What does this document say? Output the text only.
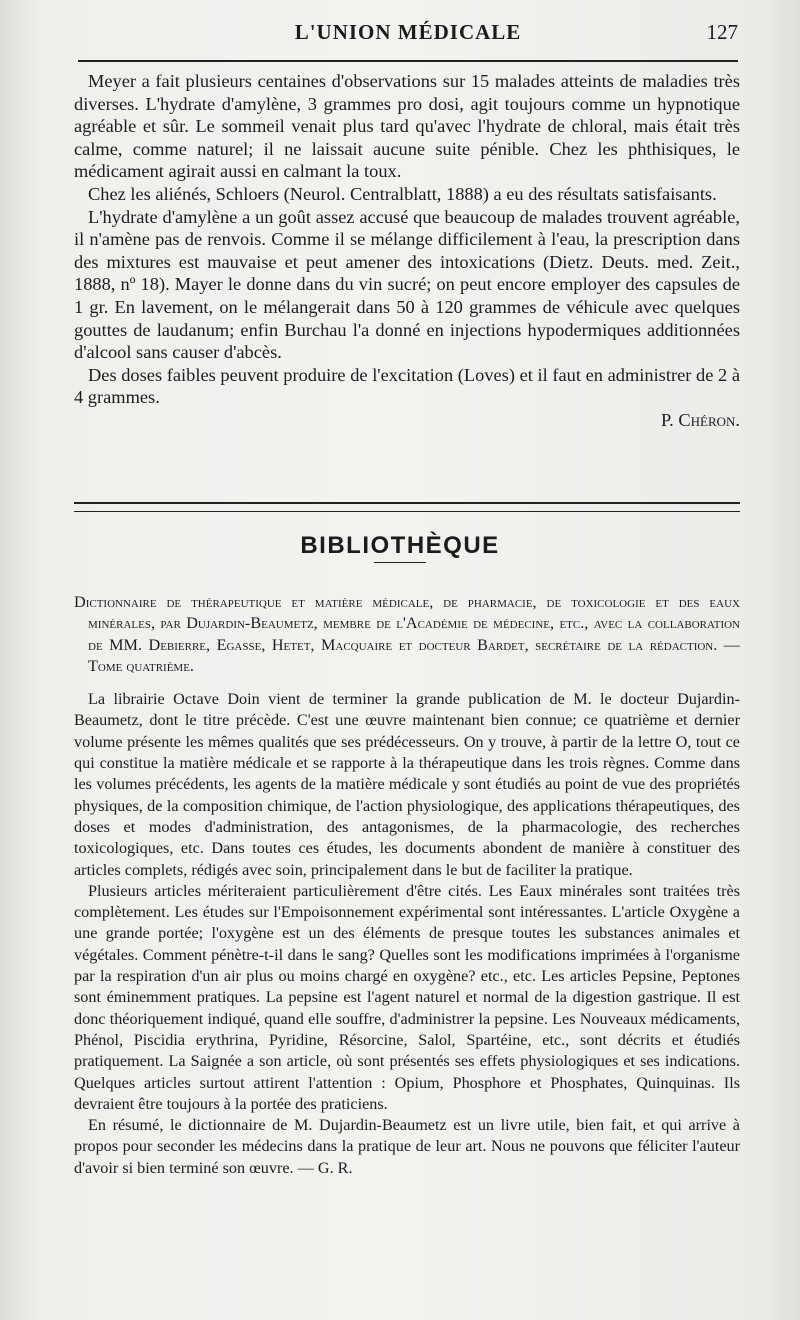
L'UNION MÉDICALE	127

Meyer a fait plusieurs centaines d'observations sur 15 malades atteints de maladies très diverses. L'hydrate d'amylène, 3 grammes pro dosi, agit toujours comme un hypnotique agréable et sûr. Le sommeil venait plus tard qu'avec l'hydrate de chloral, mais était très calme, comme naturel; il ne laissait aucune suite pénible. Chez les phthisiques, le médicament agirait aussi en calmant la toux.

Chez les aliénés, Schloers (Neurol. Centralblatt, 1888) a eu des résultats satisfaisants.

L'hydrate d'amylène a un goût assez accusé que beaucoup de malades trouvent agréable, il n'amène pas de renvois. Comme il se mélange difficilement à l'eau, la prescription dans des mixtures est mauvaise et peut amener des intoxications (Dietz. Deuts. med. Zeit., 1888, nº 18). Mayer le donne dans du vin sucré; on peut encore employer des capsules de 1 gr. En lavement, on le mélangerait dans 50 à 120 grammes de véhicule avec quelques gouttes de laudanum; enfin Burchau l'a donné en injections hypodermiques additionnées d'alcool sans causer d'abcès.

Des doses faibles peuvent produire de l'excitation (Loves) et il faut en administrer de 2 à 4 grammes.

P. Chéron.
BIBLIOTHÈQUE

Dictionnaire de thérapeutique et matière médicale, de pharmacie, de toxicologie et des eaux minérales, par Dujardin-Beaumetz, membre de l'Académie de médecine, etc., avec la collaboration de MM. Debierre, Egasse, Hetet, Macquaire et docteur Bardet, secrétaire de la rédaction. — Tome quatrième.

La librairie Octave Doin vient de terminer la grande publication de M. le docteur Dujardin-Beaumetz, dont le titre précède. C'est une œuvre maintenant bien connue; ce quatrième et dernier volume présente les mêmes qualités que ses prédécesseurs. On y trouve, à partir de la lettre O, tout ce qui constitue la matière médicale et se rapporte à la thérapeutique dans les trois règnes. Comme dans les volumes précédents, les agents de la matière médicale y sont étudiés au point de vue des propriétés physiques, de la composition chimique, de l'action physiologique, des applications thérapeutiques, des doses et modes d'administration, des antagonismes, de la pharmacologie, des recherches toxicologiques, etc. Dans toutes ces études, les documents abondent de manière à constituer des articles complets, rédigés avec soin, principalement dans le but de faciliter la pratique.

Plusieurs articles mériteraient particulièrement d'être cités. Les Eaux minérales sont traitées très complètement. Les études sur l'Empoisonnement expérimental sont intéressantes. L'article Oxygène a une grande portée; l'oxygène est un des éléments de presque toutes les substances animales et végétales. Comment pénètre-t-il dans le sang? Quelles sont les modifications imprimées à l'organisme par la respiration d'un air plus ou moins chargé en oxygène? etc., etc. Les articles Pepsine, Peptones sont éminemment pratiques. La pepsine est l'agent naturel et normal de la digestion gastrique. Il est donc théoriquement indiqué, quand elle souffre, d'administrer la pepsine. Les Nouveaux médicaments, Phénol, Piscidia erythrina, Pyridine, Résorcine, Salol, Spartéine, etc., sont décrits et étudiés pratiquement. La Saignée a son article, où sont présentés ses effets physiologiques et ses indications. Quelques articles surtout attirent l'attention : Opium, Phosphore et Phosphates, Quinquinas. Ils devraient être toujours à la portée des praticiens.

En résumé, le dictionnaire de M. Dujardin-Beaumetz est un livre utile, bien fait, et qui arrive à propos pour seconder les médecins dans la pratique de leur art. Nous ne pouvons que féliciter l'auteur d'avoir si bien terminé son œuvre. — G. R.
